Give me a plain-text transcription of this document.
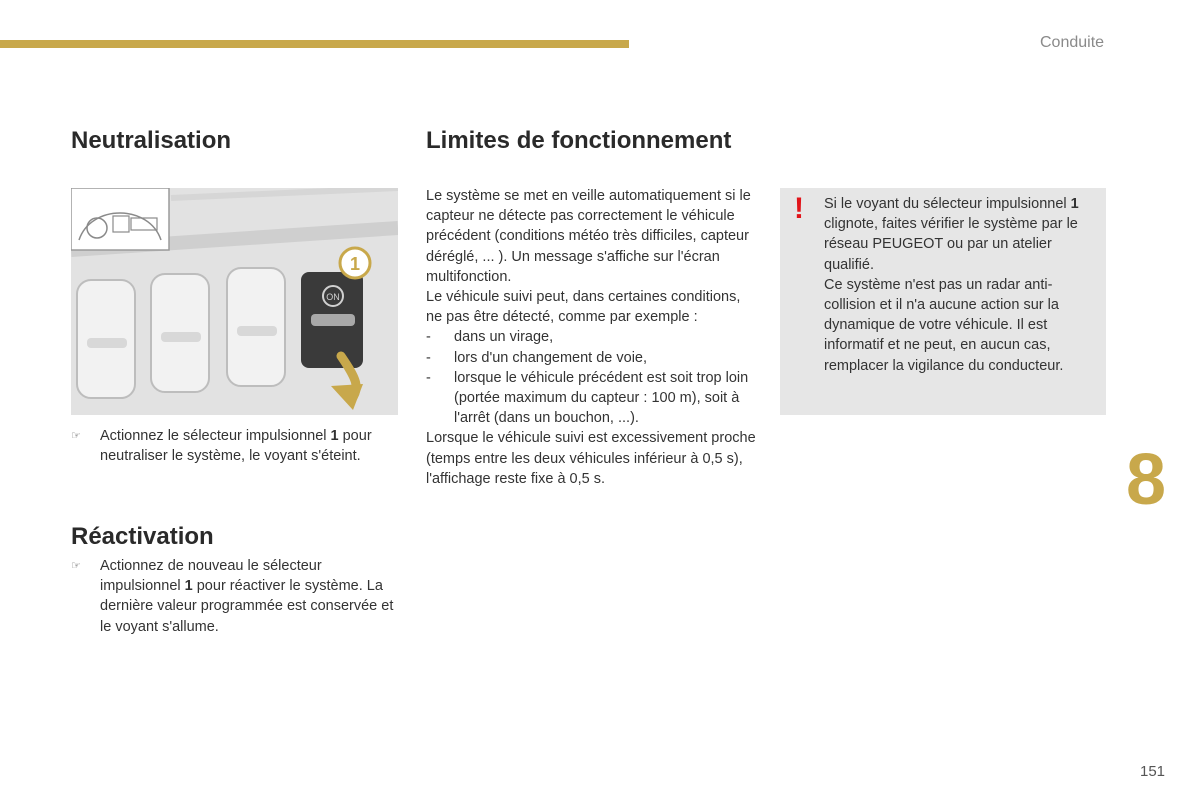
Conduite
Neutralisation	Limites de fonctionnement
ON
1
☞ Actionnez le sélecteur impulsionnel 1 pour neutraliser le système, le voyant s'éteint.
Réactivation
☞ Actionnez de nouveau le sélecteur impulsionnel 1 pour réactiver le système. La dernière valeur programmée est conservée et le voyant s'allume.

Le système se met en veille automatiquement si le capteur ne détecte pas correctement le véhicule précédent (conditions météo très difficiles, capteur déréglé, ... ). Un message s'affiche sur l'écran multifonction.

Le véhicule suivi peut, dans certaines conditions, ne pas être détecté, comme par exemple :

- dans un virage,
- lors d'un changement de voie,
- lorsque le véhicule précédent est soit trop loin (portée maximum du capteur : 100 m), soit à l'arrêt (dans un bouchon, ...).

Lorsque le véhicule suivi est excessivement proche (temps entre les deux véhicules inférieur à 0,5 s), l'affichage reste fixe à 0,5 s.

! Si le voyant du sélecteur impulsionnel 1 clignote, faites vérifier le système par le réseau PEUGEOT ou par un atelier qualifié.

Ce système n'est pas un radar anti-collision et il n'a aucune action sur la dynamique de votre véhicule. Il est informatif et ne peut, en aucun cas, remplacer la vigilance du conducteur.

8
151
